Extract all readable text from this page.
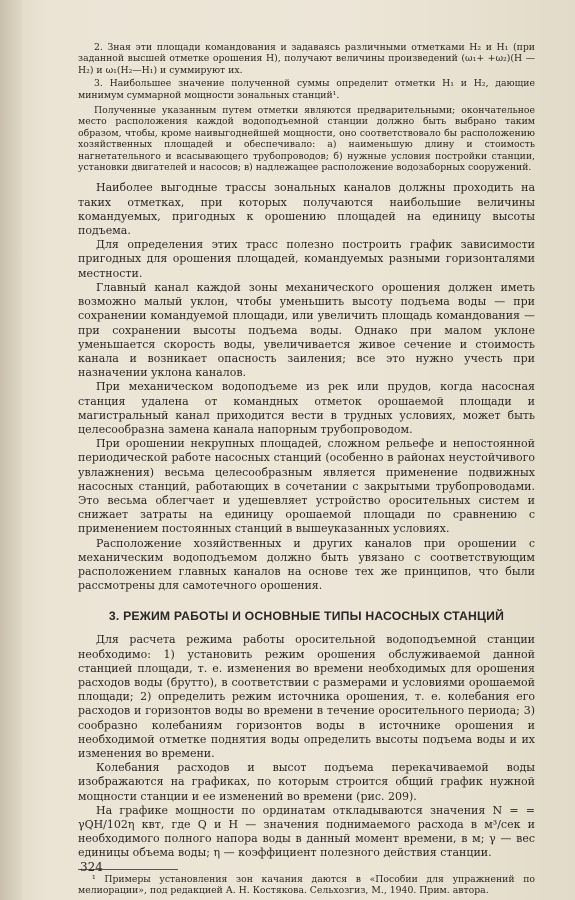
2. Зная эти площади командования и задаваясь различными отметками H₂ и H₁ (при заданной высшей отметке орошения H), получают величины произведений (ω₁+ +ω₂)(H — H₂) и ω₁(H₂—H₁) и суммируют их.

3. Наибольшее значение полученной суммы определит отметки H₁ и H₂, дающие минимум суммарной мощности зональных станций¹.

Полученные указанным путем отметки являются предварительными; окончательное место расположения каждой водоподъемной станции должно быть выбрано таким образом, чтобы, кроме наивыгоднейшей мощности, оно соответствовало бы расположению хозяйственных площадей и обеспечивало: а) наименьшую длину и стоимость нагнетательного и всасывающего трубопроводов; б) нужные условия постройки станции, установки двигателей и насосов; в) надлежащее расположение водозаборных сооружений.

Наиболее выгодные трассы зональных каналов должны проходить на таких отметках, при которых получаются наибольшие величины командуемых, пригодных к орошению площадей на единицу высоты подъема.

Для определения этих трасс полезно построить график зависимости пригодных для орошения площадей, командуемых разными горизонталями местности.

Главный канал каждой зоны механического орошения должен иметь возможно малый уклон, чтобы уменьшить высоту подъема воды — при сохранении командуемой площади, или увеличить площадь командования — при сохранении высоты подъема воды. Однако при малом уклоне уменьшается скорость воды, увеличивается живое сечение и стоимость канала и возникает опасность заиления; все это нужно учесть при назначении уклона каналов.

При механическом водоподъеме из рек или прудов, когда насосная станция удалена от командных отметок орошаемой площади и магистральный канал приходится вести в трудных условиях, может быть целесообразна замена канала напорным трубопроводом.

При орошении некрупных площадей, сложном рельефе и непостоянной периодической работе насосных станций (особенно в районах неустойчивого увлажнения) весьма целесообразным является применение подвижных насосных станций, работающих в сочетании с закрытыми трубопроводами. Это весьма облегчает и удешевляет устройство оросительных систем и снижает затраты на единицу орошаемой площади по сравнению с применением постоянных станций в вышеуказанных условиях.

Расположение хозяйственных и других каналов при орошении с механическим водоподъемом должно быть увязано с соответствующим расположением главных каналов на основе тех же принципов, что были рассмотрены для самотечного орошения.

3. РЕЖИМ РАБОТЫ И ОСНОВНЫЕ ТИПЫ НАСОСНЫХ СТАНЦИЙ

Для расчета режима работы оросительной водоподъемной станции необходимо: 1) установить режим орошения обслуживаемой данной станцией площади, т. е. изменения во времени необходимых для орошения расходов воды (брутто), в соответствии с размерами и условиями орошаемой площади; 2) определить режим источника орошения, т. е. колебания его расходов и горизонтов воды во времени в течение оросительного периода; 3) сообразно колебаниям горизонтов воды в источнике орошения и необходимой отметке поднятия воды определить высоты подъема воды и их изменения во времени.

Колебания расходов и высот подъема перекачиваемой воды изображаются на графиках, по которым строится общий график нужной мощности станции и ее изменений во времени (рис. 209).

На графике мощности по ординатам откладываются значения N = = γQH/102η квт, где Q и H — значения поднимаемого расхода в м³/сек и необходимого полного напора воды в данный момент времени, в м; γ — вес единицы объема воды; η — коэффициент полезного действия станции.

¹ Примеры установления зон качания даются в «Пособии для упражнений по мелиорации», под редакцией А. Н. Костякова. Сельхозгиз, М., 1940. Прим. автора.

324
